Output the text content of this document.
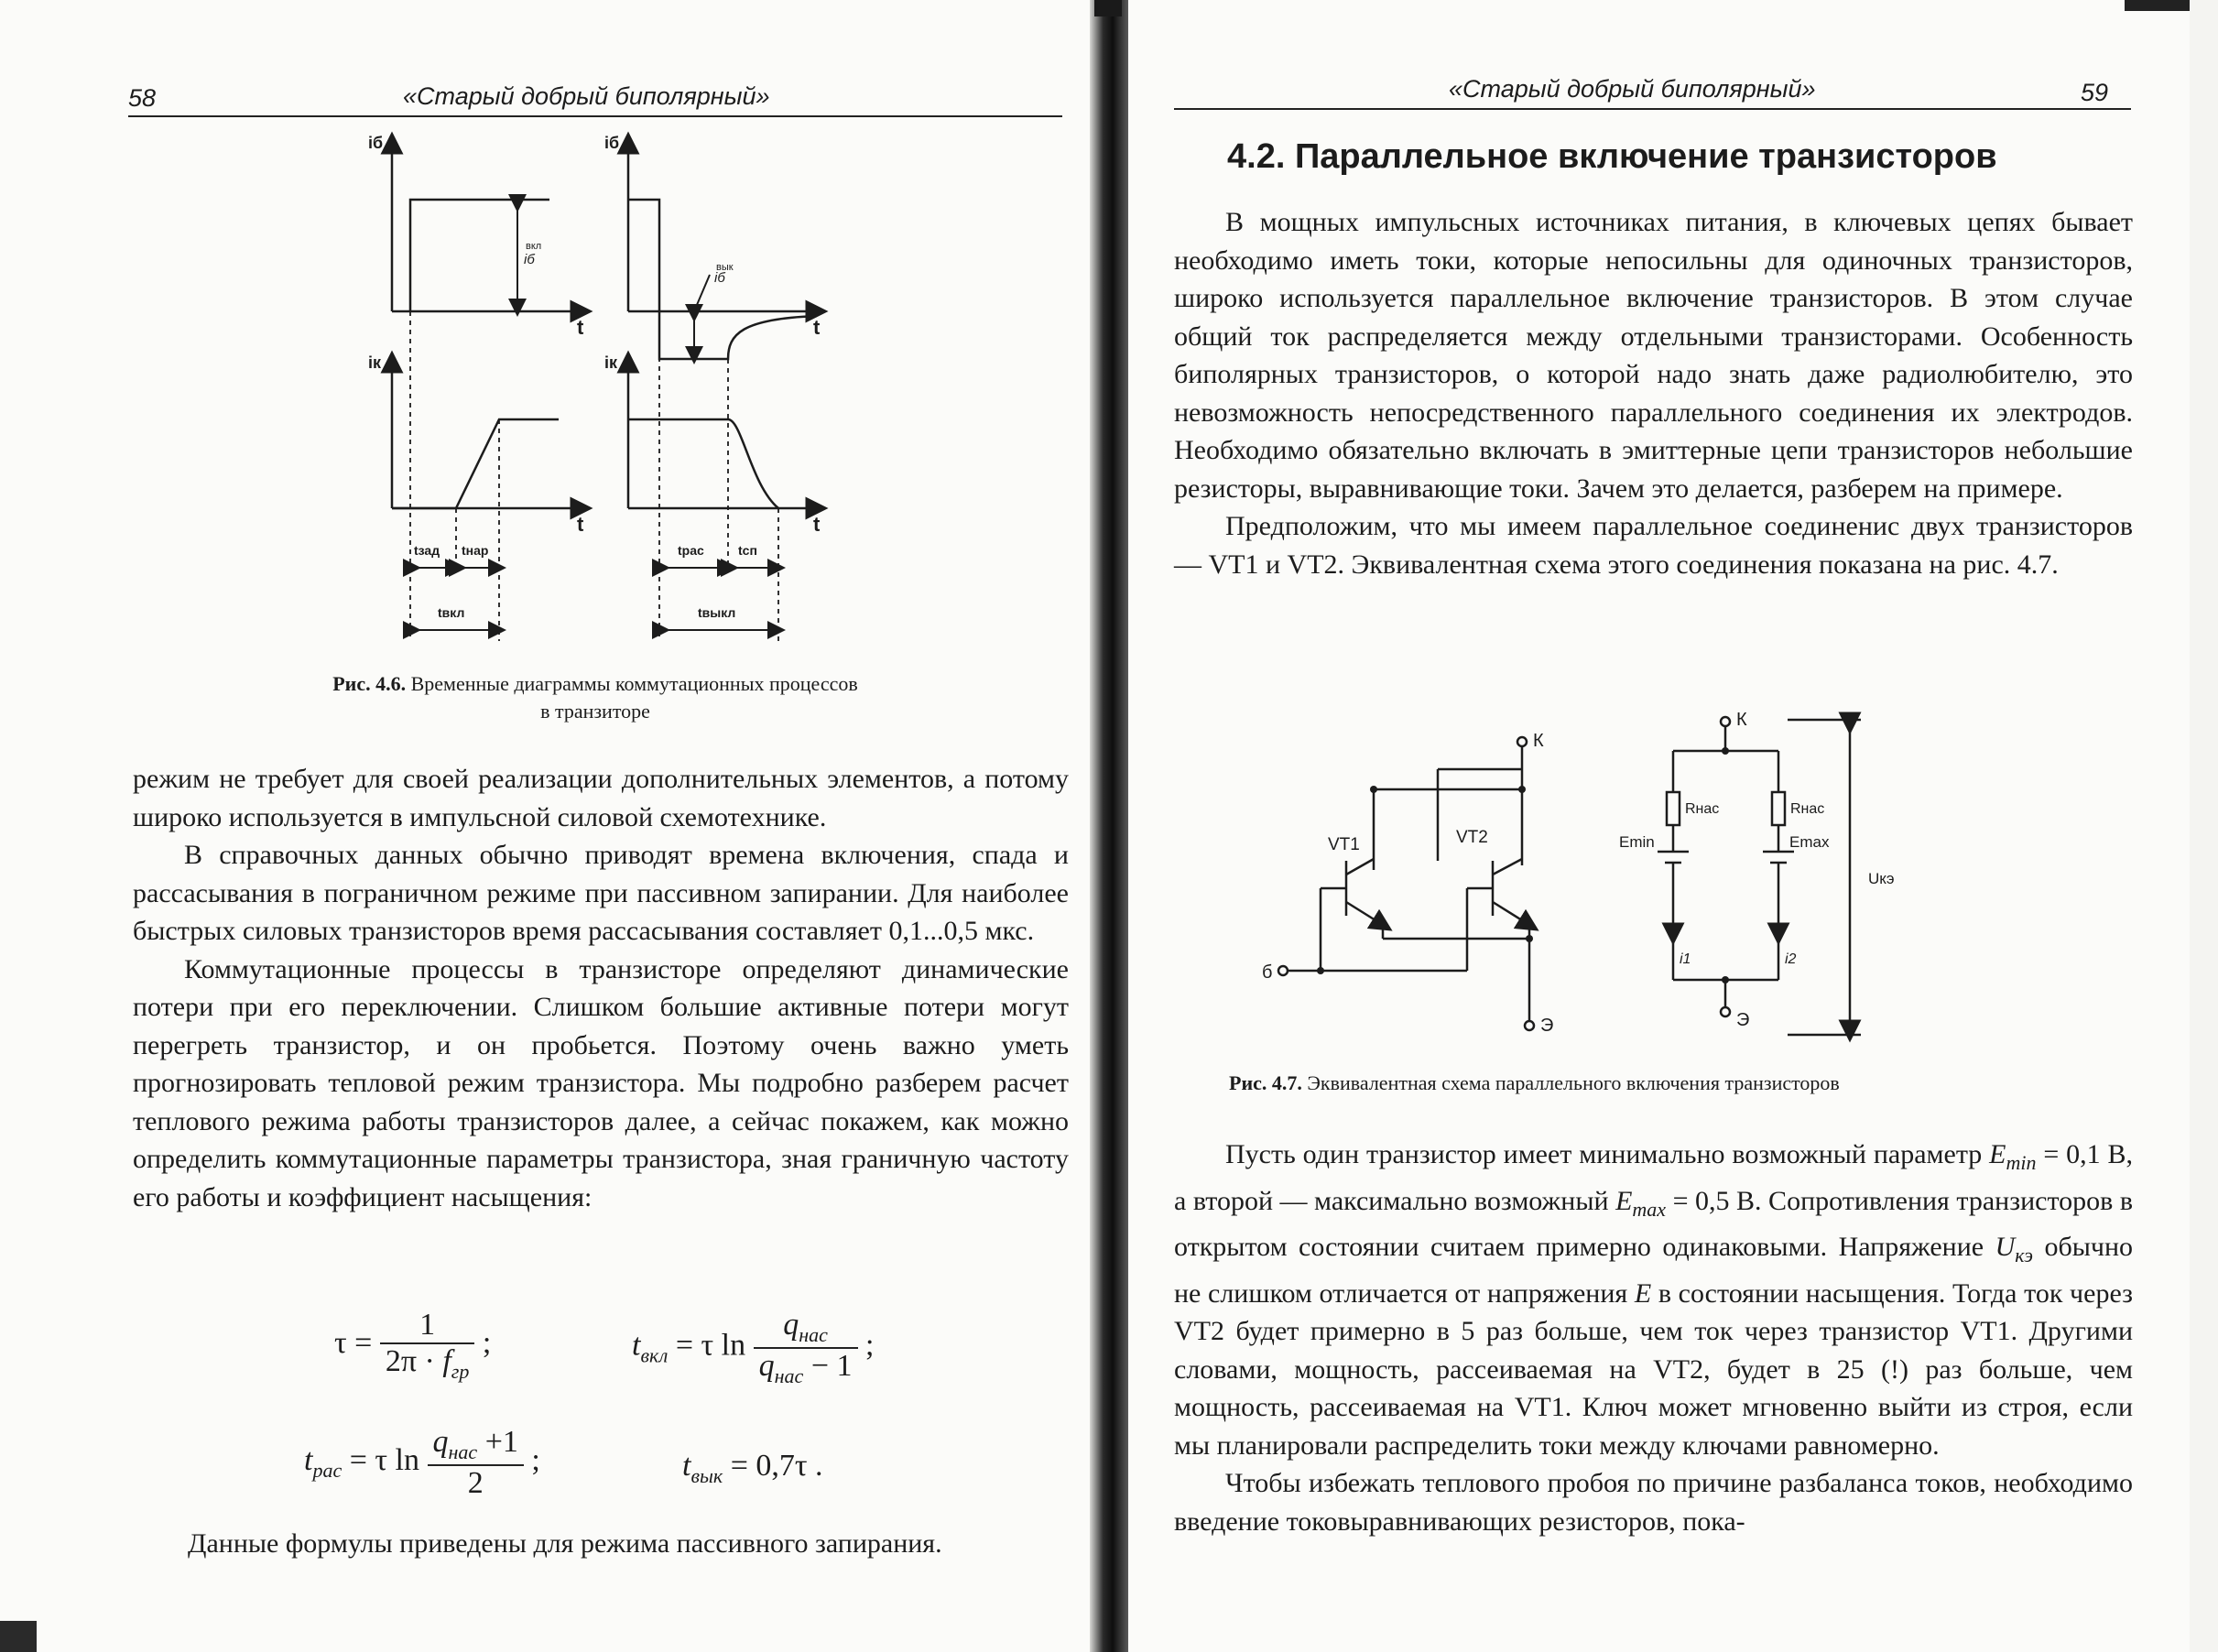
58	«Старый добрый биполярный»
iб	iб
iк	iк
t	t
t	t
iб
вкл
iб
вык
tзад tнар
tвкл
tрас	tсп
tвыкл
Рис. 4.6. Временные диаграммы коммутационных процессов
в транзиторе

режим не требует для своей реализации дополнительных элементов, а потому широко используется в импульсной силовой схемотехнике.

В справочных данных обычно приводят времена включения, спада и рассасывания в пограничном режиме при пассивном запирании. Для наиболее быстрых силовых транзисторов время рассасывания составляет 0,1...0,5 мкс.

Коммутационные процессы в транзисторе определяют динамические потери при его переключении. Слишком большие активные потери могут перегреть транзистор, и он пробьется. Поэтому очень важно уметь прогнозировать тепловой режим транзистора. Мы подробно разберем расчет теплового режима работы транзисторов далее, а сейчас покажем, как можно определить коммутационные параметры транзистора, зная граничную частоту его работы и коэффициент насыщения:

$\tau = \frac{1}{2\pi \cdot f_{гр}}$ ;	$t_{вкл} = \tau$ $\ln \frac{q_{нас}}{q_{нас} - 1}$ ;
$t_{рас} = \tau$ $\ln \frac{q_{нас} +1}{2}$ ;	$t_{вык} = 0,7\tau$ .
Данные формулы приведены для режима пассивного запирания.
«Старый добрый биполярный»	59
4.2. Параллельное включение транзисторов

В мощных импульсных источниках питания, в ключевых цепях бывает необходимо иметь токи, которые непосильны для одиночных транзисторов, широко используется параллельное включение транзисторов. В этом случае общий ток распределяется между отдельными транзисторами. Особенность биполярных транзисторов, о которой надо знать даже радиолюбителю, это невозможность непосредственного параллельного соединения их электродов. Необходимо обязательно включать в эмиттерные цепи транзисторов небольшие резисторы, выравнивающие токи. Зачем это делается, разберем на примере.

Предположим, что мы имеем параллельное соединенис двух транзисторов — VT1 и VT2. Эквивалентная схема этого соединения показана на рис. 4.7.

К
Э
б
VT1	VT2
К
Э
Rнас	Rнас
Emin	Emax
i1	i2
Uкэ
Рис. 4.7. Эквивалентная схема параллельного включения транзисторов

Пусть один транзистор имеет минимально возможный параметр $E_{min} = 0,1$ В, а второй — максимально возможный $E_{max} = 0,5$ В. Сопротивления транзисторов в открытом состоянии считаем примерно одинаковыми. Напряжение $U_{кэ}$ обычно не слишком отличается от напряжения E в состоянии насыщения. Тогда ток через VT2 будет примерно в 5 раз больше, чем ток через транзистор VT1. Другими словами, мощность, рассеиваемая на VT2, будет в 25 (!) раз больше, чем мощность, рассеиваемая на VT1. Ключ может мгновенно выйти из строя, если мы планировали распределить токи между ключами равномерно.

Чтобы избежать теплового пробоя по причине разбаланса токов, необходимо введение токовыравнивающих резисторов, пока-
